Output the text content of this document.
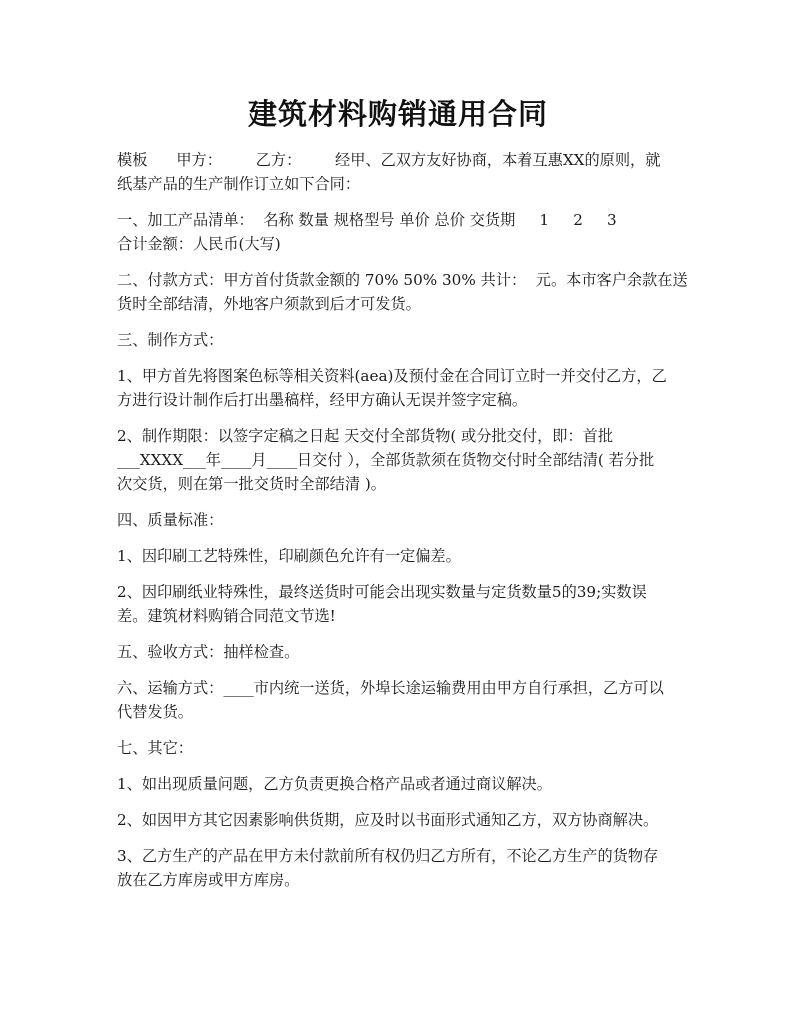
建筑材料购销通用合同

模板      甲方：       乙方：       经甲、乙双方友好协商，本着互惠XX的原则，就
纸基产品的生产制作订立如下合同：

一、加工产品清单：  名称 数量 规格型号 单价 总价 交货期     1     2     3
合计金额：人民币(大写)

二、付款方式：甲方首付货款金额的 70% 50% 30% 共计：  元。本市客户余款在送
货时全部结清，外地客户须款到后才可发货。

三、制作方式：

1、甲方首先将图案色标等相关资料(aea)及预付金在合同订立时一并交付乙方，乙
方进行设计制作后打出墨稿样，经甲方确认无误并签字定稿。

2、制作期限：以签字定稿之日起 天交付全部货物( 或分批交付，即：首批
___XXXX___年____月____日交付 ），全部货款须在货物交付时全部结清( 若分批
次交货，则在第一批交货时全部结清 )。

四、质量标准：

1、因印刷工艺特殊性，印刷颜色允许有一定偏差。

2、因印刷纸业特殊性，最终送货时可能会出现实数量与定货数量5的39;实数误
差。建筑材料购销合同范文节选!

五、验收方式：抽样检查。

六、运输方式：____市内统一送货，外埠长途运输费用由甲方自行承担，乙方可以
代替发货。

七、其它：

1、如出现质量问题，乙方负责更换合格产品或者通过商议解决。

2、如因甲方其它因素影响供货期，应及时以书面形式通知乙方，双方协商解决。

3、乙方生产的产品在甲方未付款前所有权仍归乙方所有，不论乙方生产的货物存
放在乙方库房或甲方库房。
